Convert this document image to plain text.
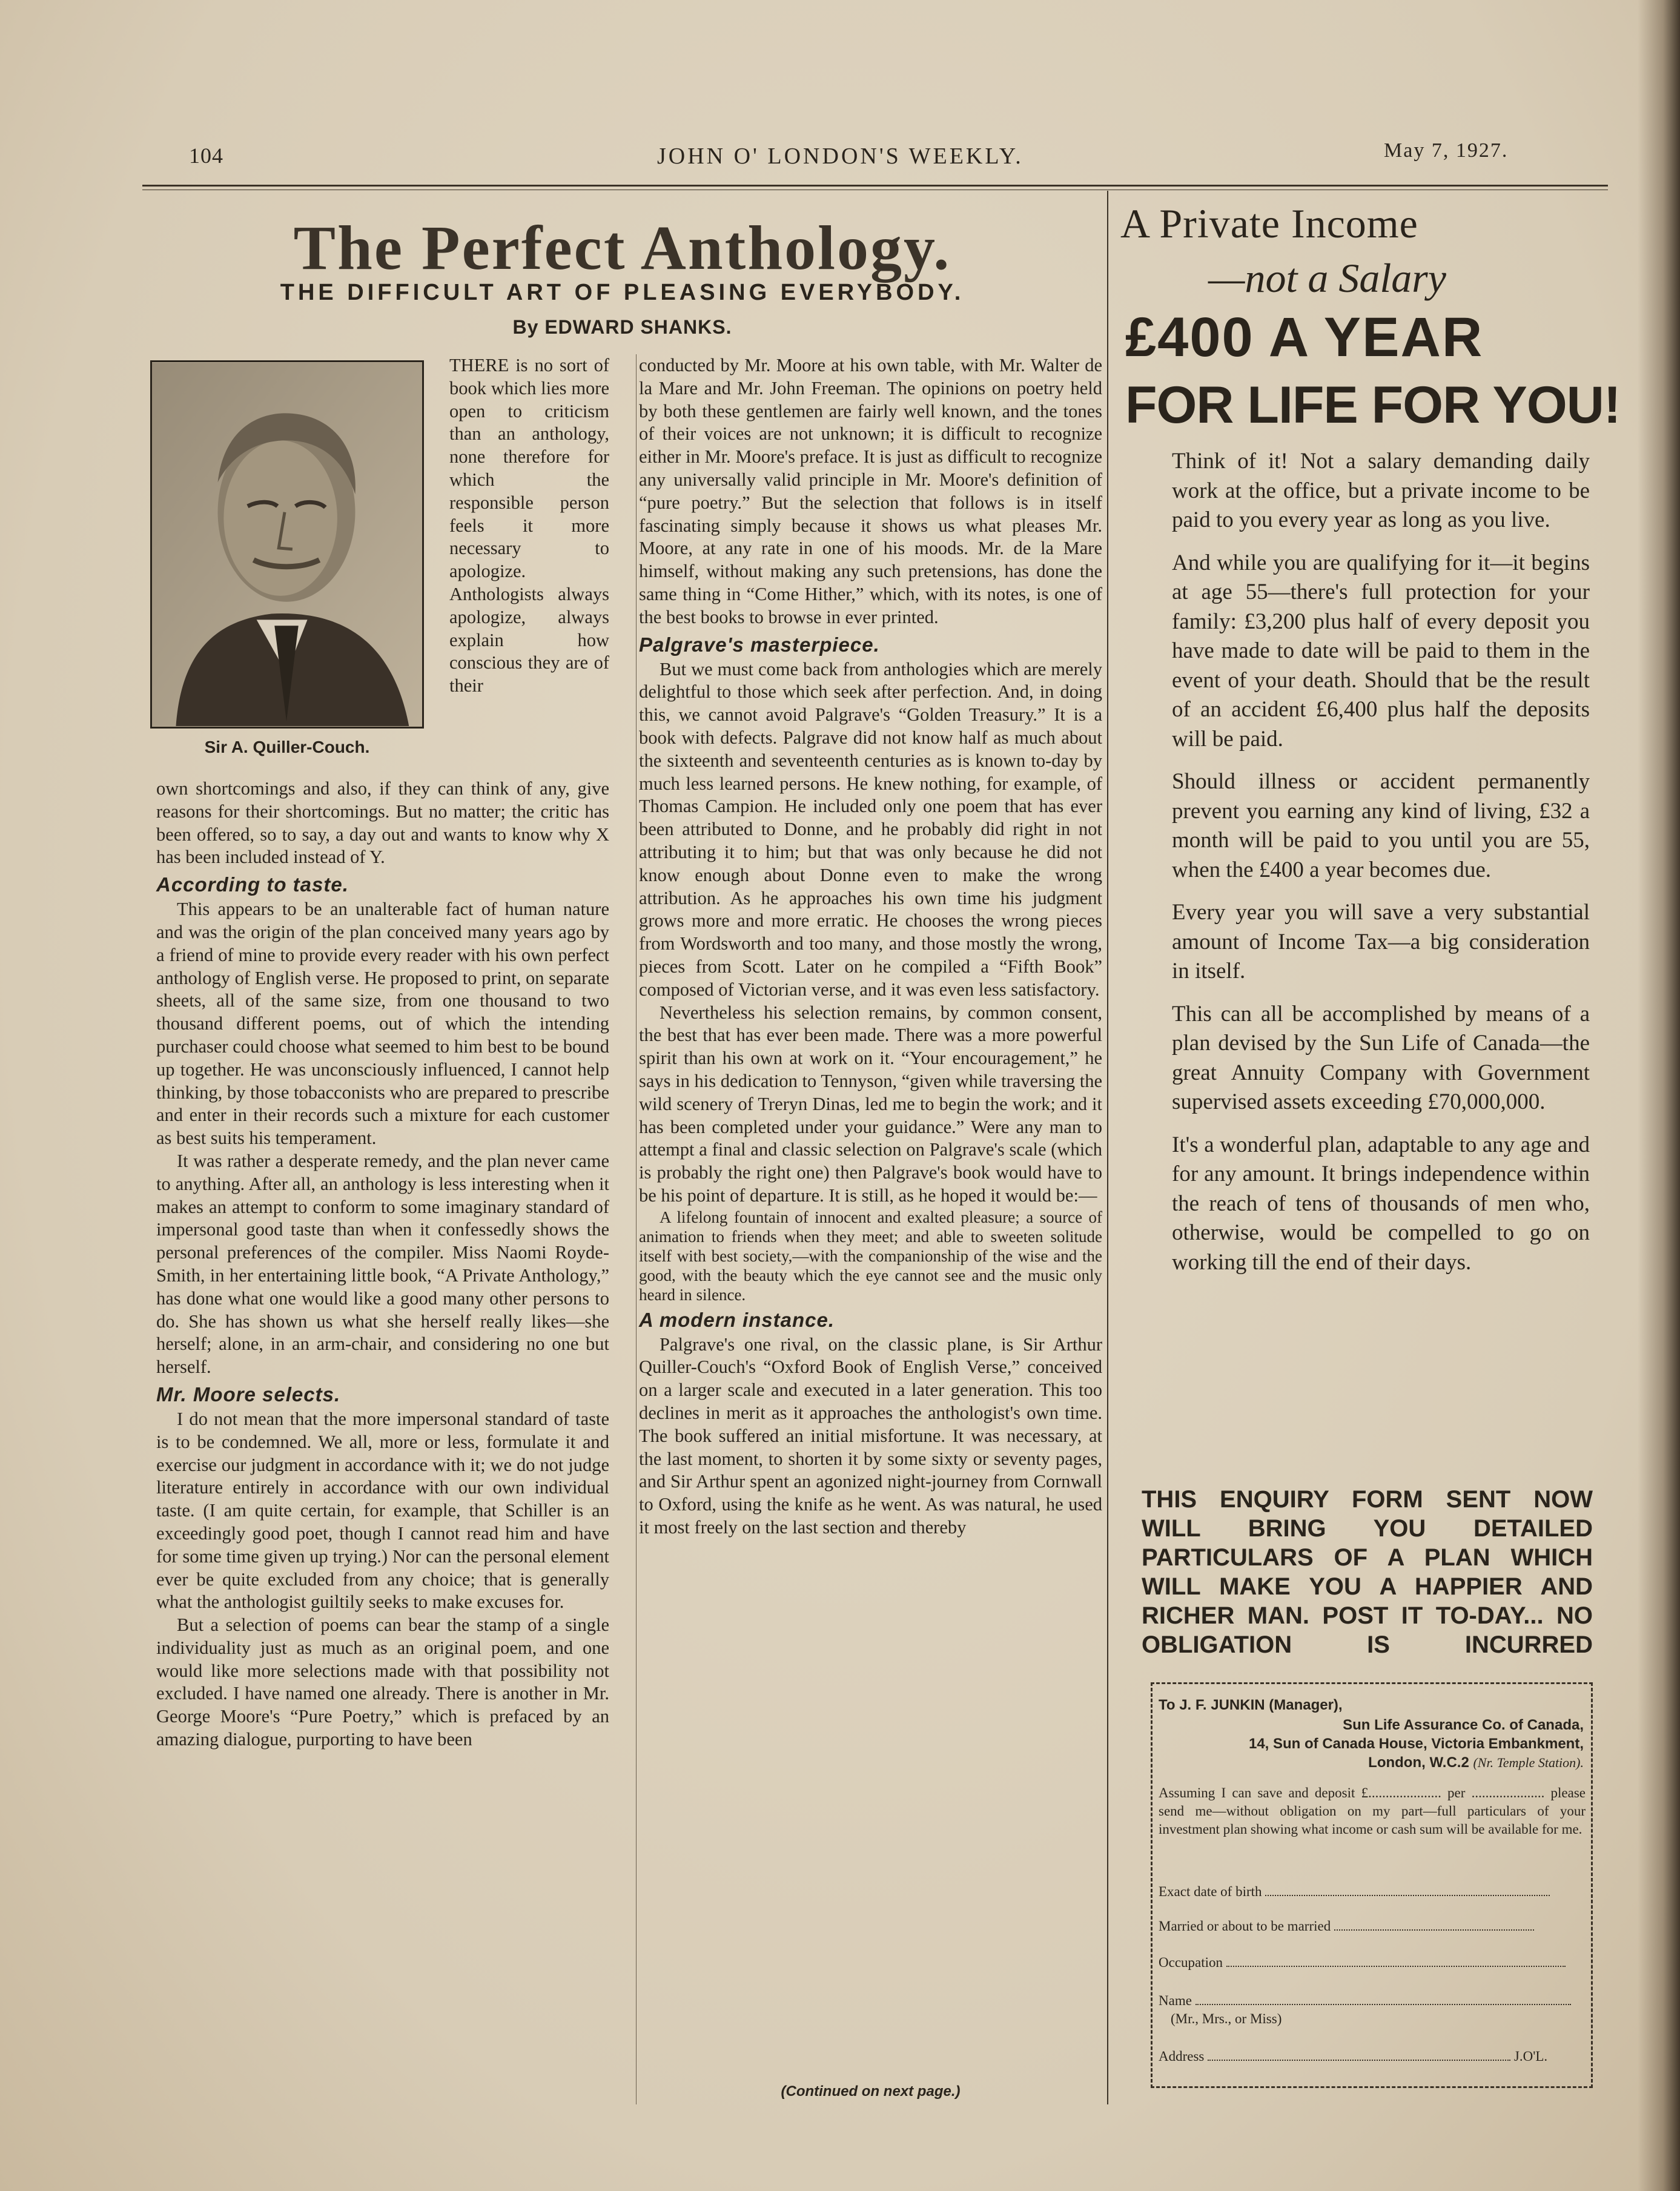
104	JOHN O' LONDON'S WEEKLY.	May 7, 1927.
The Perfect Anthology.
THE DIFFICULT ART OF PLEASING EVERYBODY.
By EDWARD SHANKS.
Sir A. Quiller-Couch.

THERE is no sort of book which lies more open to criticism than an anthology, none therefore for which the responsible person feels it more necessary to apologize. Anthologists always apologize, always explain how conscious they are of their

own shortcomings and also, if they can think of any, give reasons for their shortcomings. But no matter; the critic has been offered, so to say, a day out and wants to know why X has been included instead of Y.

According to taste.

This appears to be an unalterable fact of human nature and was the origin of the plan conceived many years ago by a friend of mine to provide every reader with his own perfect anthology of English verse. He proposed to print, on separate sheets, all of the same size, from one thousand to two thousand different poems, out of which the intending purchaser could choose what seemed to him best to be bound up together. He was unconsciously influenced, I cannot help thinking, by those tobacconists who are prepared to prescribe and enter in their records such a mixture for each customer as best suits his temperament.

It was rather a desperate remedy, and the plan never came to anything. After all, an anthology is less interesting when it makes an attempt to conform to some imaginary standard of impersonal good taste than when it confessedly shows the personal preferences of the compiler. Miss Naomi Royde-Smith, in her entertaining little book, “A Private Anthology,” has done what one would like a good many other persons to do. She has shown us what she herself really likes—she herself; alone, in an arm-chair, and considering no one but herself.

Mr. Moore selects.

I do not mean that the more impersonal standard of taste is to be condemned. We all, more or less, formulate it and exercise our judgment in accordance with it; we do not judge literature entirely in accordance with our own individual taste. (I am quite certain, for example, that Schiller is an exceedingly good poet, though I cannot read him and have for some time given up trying.) Nor can the personal element ever be quite excluded from any choice; that is generally what the anthologist guiltily seeks to make excuses for.

But a selection of poems can bear the stamp of a single individuality just as much as an original poem, and one would like more selections made with that possibility not excluded. I have named one already. There is another in Mr. George Moore's “Pure Poetry,” which is prefaced by an amazing dialogue, purporting to have been

conducted by Mr. Moore at his own table, with Mr. Walter de la Mare and Mr. John Freeman. The opinions on poetry held by both these gentlemen are fairly well known, and the tones of their voices are not unknown; it is difficult to recognize either in Mr. Moore's preface. It is just as difficult to recognize any universally valid principle in Mr. Moore's definition of “pure poetry.” But the selection that follows is in itself fascinating simply because it shows us what pleases Mr. Moore, at any rate in one of his moods. Mr. de la Mare himself, without making any such pretensions, has done the same thing in “Come Hither,” which, with its notes, is one of the best books to browse in ever printed.

Palgrave's masterpiece.

But we must come back from anthologies which are merely delightful to those which seek after perfection. And, in doing this, we cannot avoid Palgrave's “Golden Treasury.” It is a book with defects. Palgrave did not know half as much about the sixteenth and seventeenth centuries as is known to-day by much less learned persons. He knew nothing, for example, of Thomas Campion. He included only one poem that has ever been attributed to Donne, and he probably did right in not attributing it to him; but that was only because he did not know enough about Donne even to make the wrong attribution. As he approaches his own time his judgment grows more and more erratic. He chooses the wrong pieces from Wordsworth and too many, and those mostly the wrong, pieces from Scott. Later on he compiled a “Fifth Book” composed of Victorian verse, and it was even less satisfactory.

Nevertheless his selection remains, by common consent, the best that has ever been made. There was a more powerful spirit than his own at work on it. “Your encouragement,” he says in his dedication to Tennyson, “given while traversing the wild scenery of Treryn Dinas, led me to begin the work; and it has been completed under your guidance.” Were any man to attempt a final and classic selection on Palgrave's scale (which is probably the right one) then Palgrave's book would have to be his point of departure. It is still, as he hoped it would be:—

A lifelong fountain of innocent and exalted pleasure; a source of animation to friends when they meet; and able to sweeten solitude itself with best society,—with the companionship of the wise and the good, with the beauty which the eye cannot see and the music only heard in silence.

A modern instance.

Palgrave's one rival, on the classic plane, is Sir Arthur Quiller-Couch's “Oxford Book of English Verse,” conceived on a larger scale and executed in a later generation. This too declines in merit as it approaches the anthologist's own time. The book suffered an initial misfortune. It was necessary, at the last moment, to shorten it by some sixty or seventy pages, and Sir Arthur spent an agonized night-journey from Cornwall to Oxford, using the knife as he went. As was natural, he used it most freely on the last section and thereby

(Continued on next page.)
A Private Income
—not a Salary
£400 A YEAR
FOR LIFE FOR YOU!

Think of it! Not a salary demanding daily work at the office, but a private income to be paid to you every year as long as you live.

And while you are qualifying for it—it begins at age 55—there's full protection for your family: £3,200 plus half of every deposit you have made to date will be paid to them in the event of your death. Should that be the result of an accident £6,400 plus half the deposits will be paid.

Should illness or accident permanently prevent you earning any kind of living, £32 a month will be paid to you until you are 55, when the £400 a year becomes due.

Every year you will save a very substantial amount of Income Tax—a big consideration in itself.

This can all be accomplished by means of a plan devised by the Sun Life of Canada—the great Annuity Company with Government supervised assets exceeding £70,000,000.

It's a wonderful plan, adaptable to any age and for any amount. It brings independence within the reach of tens of thousands of men who, otherwise, would be compelled to go on working till the end of their days.

THIS ENQUIRY FORM SENT NOW WILL BRING YOU DETAILED PARTICULARS OF A PLAN WHICH WILL MAKE YOU A HAPPIER AND RICHER MAN. POST IT TO-DAY... NO OBLIGATION IS INCURRED
To J. F. JUNKIN (Manager),
Sun Life Assurance Co. of Canada,
14, Sun of Canada House, Victoria Embankment,
London, W.C.2 (Nr. Temple Station).
Assuming I can save and deposit £..................... per ..................... please send me—without obligation on my part—full particulars of your investment plan showing what income or cash sum will be available for me.
Exact date of birth
Married or about to be married
Occupation
Name
(Mr., Mrs., or Miss)
Address	J.O'L.
